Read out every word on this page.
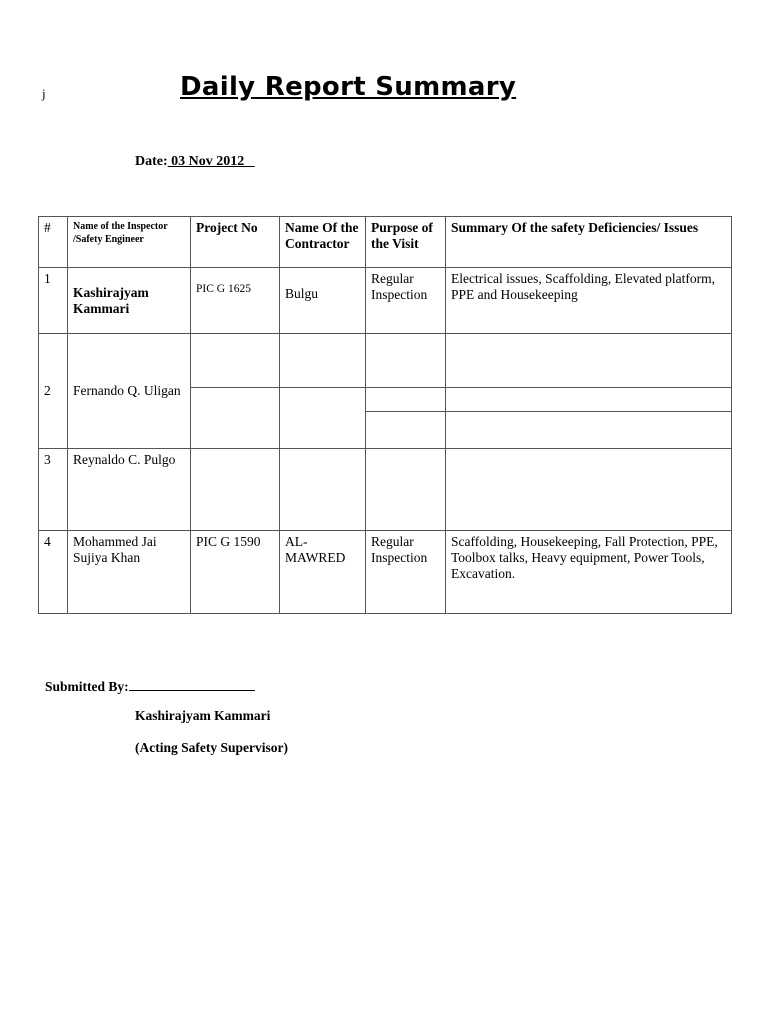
j	Daily Report Summary
Date: 03 Nov 2012
#	Name of the Inspector /Safety Engineer	Project No	Name Of the Contractor	Purpose of the Visit	Summary Of the safety Deficiencies/ Issues
1	Kashirajyam Kammari	PIC G 1625	Bulgu	Regular Inspection	Electrical issues, Scaffolding, Elevated platform, PPE and Housekeeping
2	Fernando Q. Uligan				

3	Reynaldo C. Pulgo				
4	Mohammed Jai Sujiya Khan	PIC G 1590	AL-MAWRED	Regular Inspection	Scaffolding, Housekeeping, Fall Protection, PPE, Toolbox talks, Heavy equipment, Power Tools, Excavation.
Submitted By:
Kashirajyam Kammari
(Acting Safety Supervisor)
